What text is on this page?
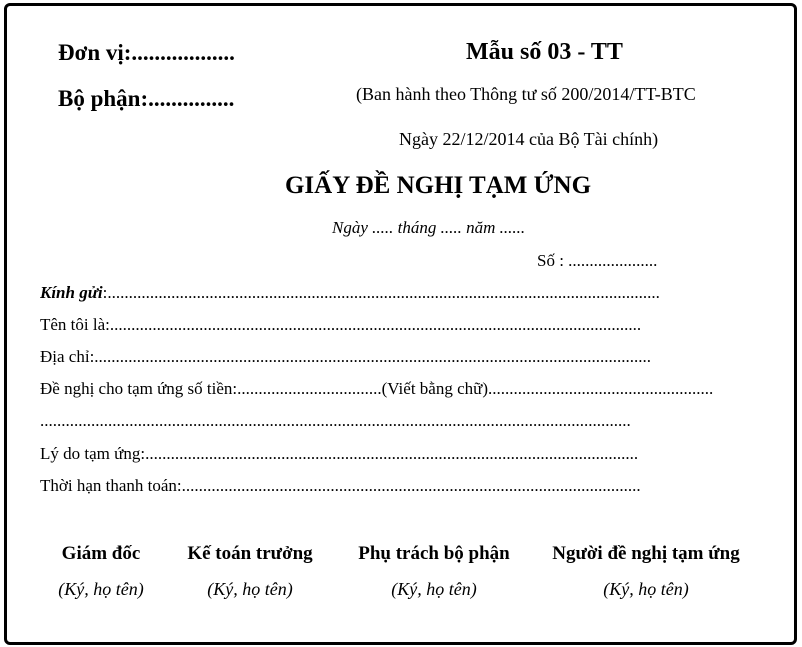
Đơn vị:..................
Bộ phận:...............
Mẫu số 03 - TT
(Ban hành theo Thông tư số 200/2014/TT-BTC
Ngày 22/12/2014 của Bộ Tài chính)
GIẤY ĐỀ NGHỊ TẠM ỨNG
Ngày ..... tháng ..... năm ......
Số : .....................
Kính gửi:..................................................................................................................................
Tên tôi là:.............................................................................................................................
Địa chỉ:...................................................................................................................................
Đề nghị cho tạm ứng số tiền:..................................(Viết bằng chữ).....................................................
...........................................................................................................................................
Lý do tạm ứng:....................................................................................................................
Thời hạn thanh toán:............................................................................................................
Giám đốc
(Ký, họ tên)
Kế toán trưởng
(Ký, họ tên)
Phụ trách bộ phận
(Ký, họ tên)
Người đề nghị tạm ứng
(Ký, họ tên)
